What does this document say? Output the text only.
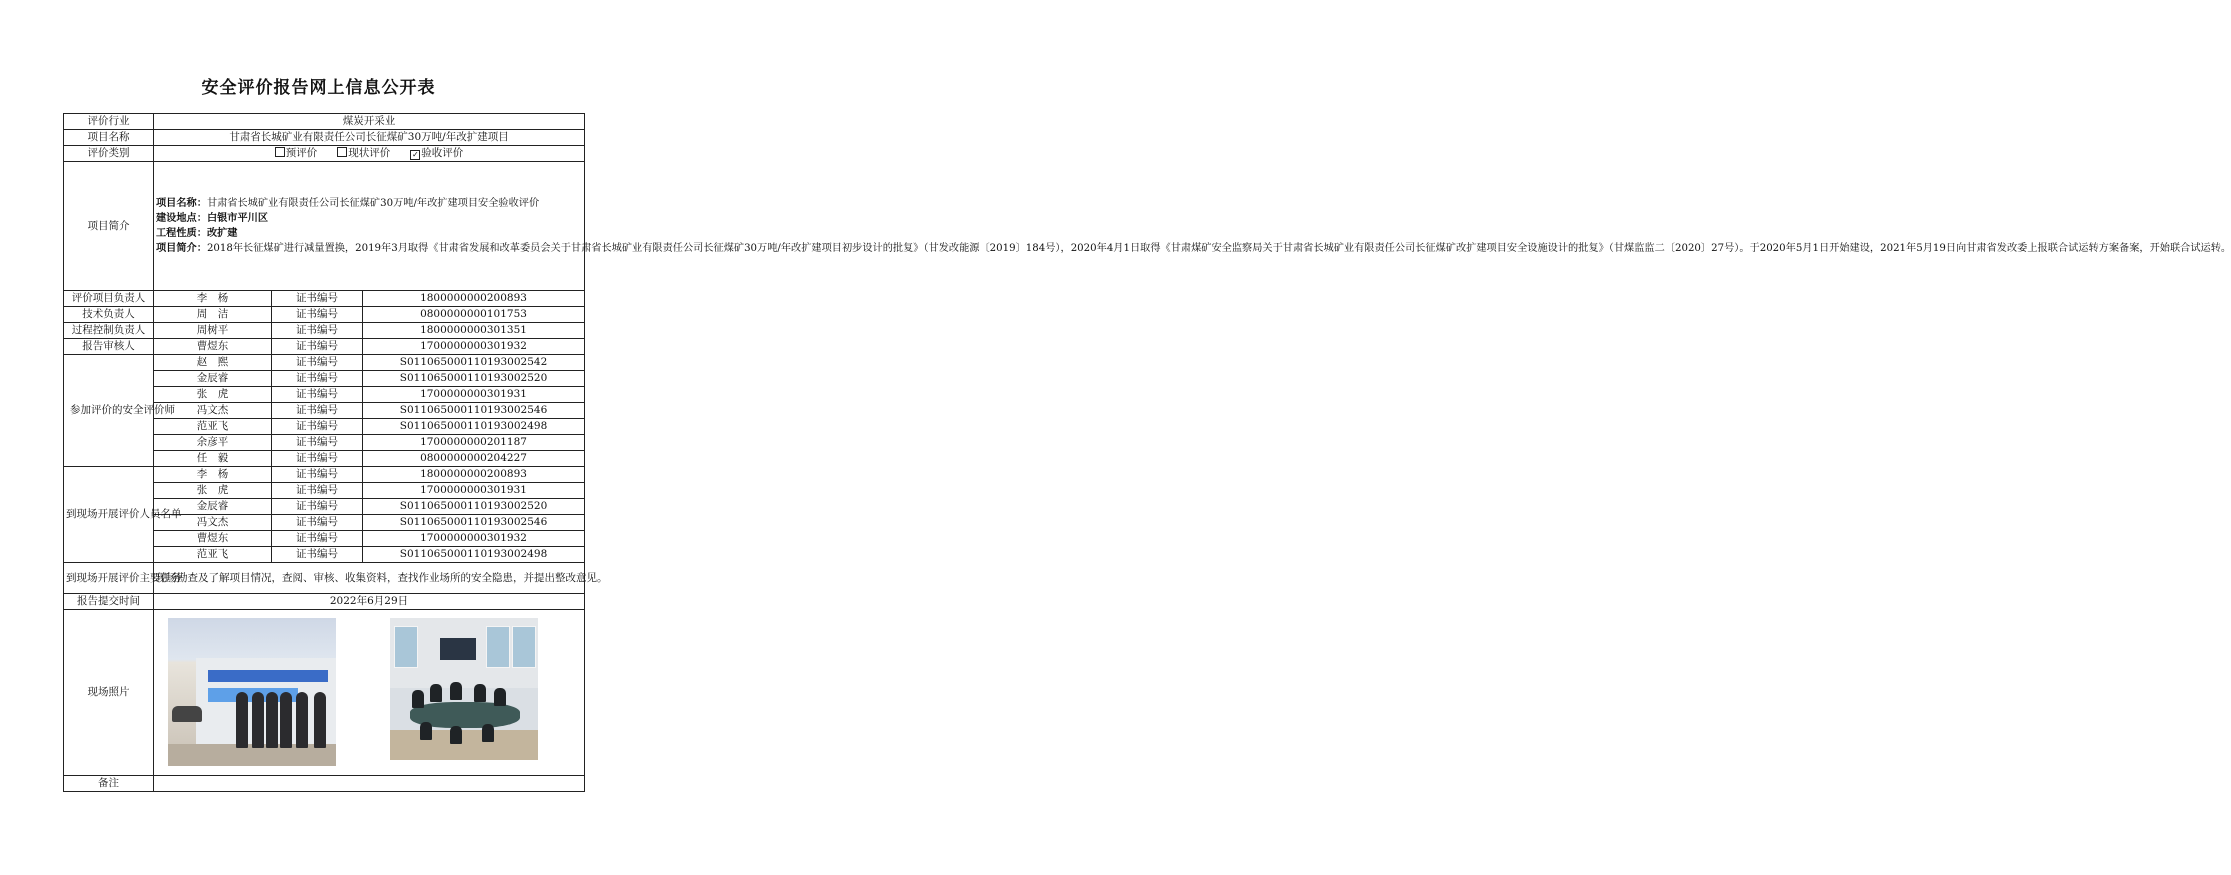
安全评价报告网上信息公开表
评价行业	煤炭开采业		
项目名称	甘肃省长城矿业有限责任公司长征煤矿30万吨/年改扩建项目		
评价类别	预评价 现状评价 ✓ 验收评价		
项目简介	项目名称：甘肃省长城矿业有限责任公司长征煤矿30万吨/年改扩建项目安全验收评价
建设地点：白银市平川区
工程性质：改扩建
项目简介：2018年长征煤矿进行减量置换，2019年3月取得《甘肃省发展和改革委员会关于甘肃省长城矿业有限责任公司长征煤矿30万吨/年改扩建项目初步设计的批复》（甘发改能源〔2019〕184号），2020年4月1日取得《甘肃煤矿安全监察局关于甘肃省长城矿业有限责任公司长征煤矿改扩建项目安全设施设计的批复》（甘煤监监二〔2020〕27号）。于2020年5月1日开始建设，2021年5月19日向甘肃省发改委上报联合试运转方案备案，开始联合试运转。		
评价项目负责人	李　杨	证书编号	1800000000200893
技术负责人	周　洁	证书编号	0800000000101753
过程控制负责人	周树平	证书编号	1800000000301351
报告审核人	曹煜东	证书编号	1700000000301932
参加评价的安全评价师	赵　熙	证书编号	S011065000110193002542
	金辰睿	证书编号	S011065000110193002520
	张　虎	证书编号	1700000000301931
	冯文杰	证书编号	S011065000110193002546
	范亚飞	证书编号	S011065000110193002498
	余彦平	证书编号	1700000000201187
	任　毅	证书编号	0800000000204227
到现场开展评价人员名单	李　杨	证书编号	1800000000200893
	张　虎	证书编号	1700000000301931
	金辰睿	证书编号	S011065000110193002520
	冯文杰	证书编号	S011065000110193002546
	曹煜东	证书编号	1700000000301932
	范亚飞	证书编号	S011065000110193002498
到现场开展评价主要任务	现场勘查及了解项目情况，查阅、审核、收集资料，查找作业场所的安全隐患，并提出整改意见。		
报告提交时间	2022年6月29日		
现场照片			

备注			
